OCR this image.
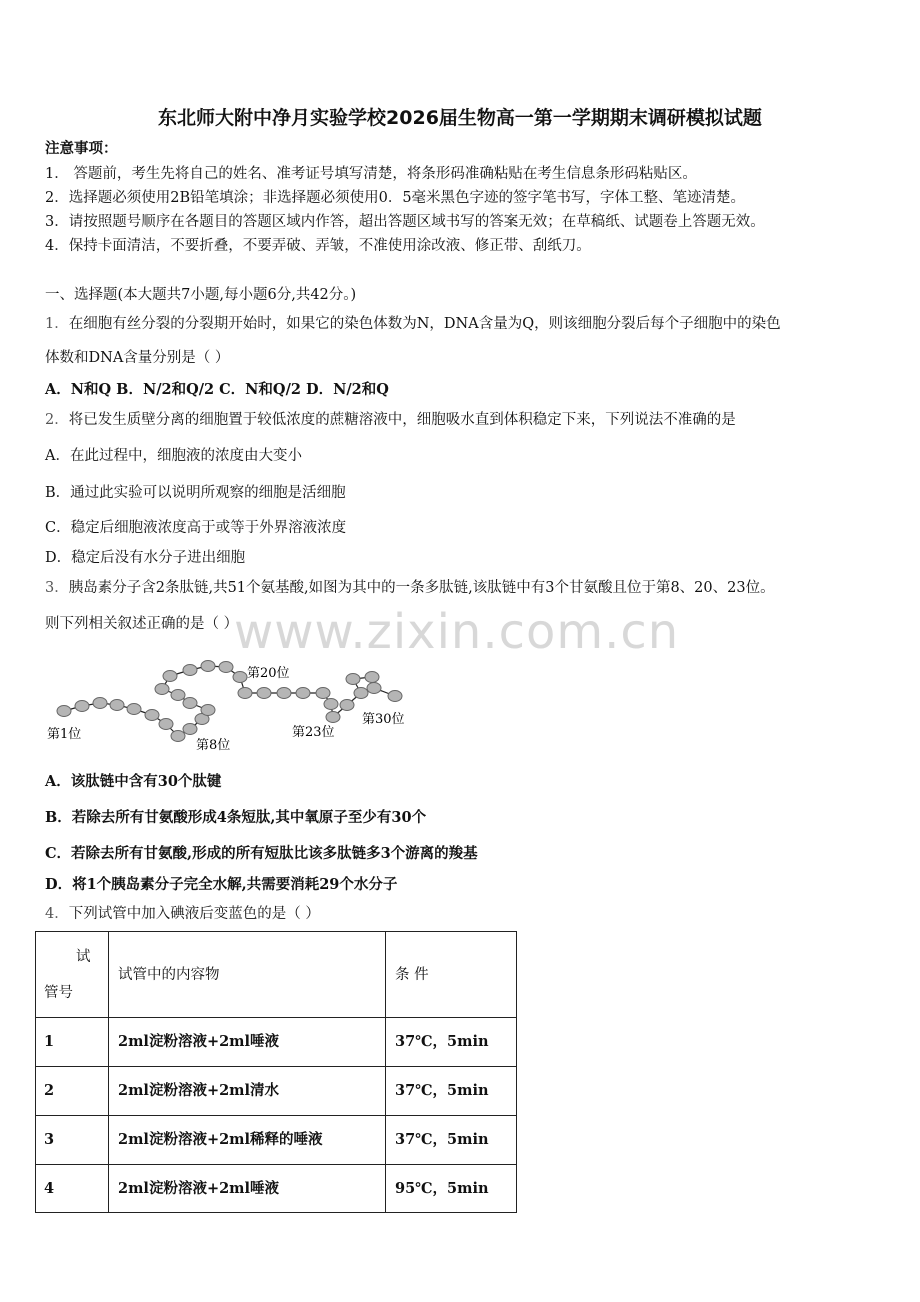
东北师大附中净月实验学校2026届生物高一第一学期期末调研模拟试题
注意事项：
1． 答题前，考生先将自己的姓名、准考证号填写清楚，将条形码准确粘贴在考生信息条形码粘贴区。
2．选择题必须使用2B铅笔填涂；非选择题必须使用0．5毫米黑色字迹的签字笔书写，字体工整、笔迹清楚。
3．请按照题号顺序在各题目的答题区域内作答，超出答题区域书写的答案无效；在草稿纸、试题卷上答题无效。
4．保持卡面清洁，不要折叠，不要弄破、弄皱，不准使用涂改液、修正带、刮纸刀。
一、选择题(本大题共7小题,每小题6分,共42分。)
1．在细胞有丝分裂的分裂期开始时，如果它的染色体数为N，DNA含量为Q，则该细胞分裂后每个子细胞中的染色
体数和DNA含量分别是（ ）
A．N和Q B．N/2和Q/2 C．N和Q/2 D．N/2和Q
2．将已发生质壁分离的细胞置于较低浓度的蔗糖溶液中，细胞吸水直到体积稳定下来，下列说法不准确的是
A．在此过程中，细胞液的浓度由大变小
B．通过此实验可以说明所观察的细胞是活细胞
C．稳定后细胞液浓度高于或等于外界溶液浓度
D．稳定后没有水分子进出细胞
3．胰岛素分子含2条肽链,共51个氨基酸,如图为其中的一条多肽链,该肽链中有3个甘氨酸且位于第8、20、23位。
则下列相关叙述正确的是（ ）
www.zixin.com.cn
第1位
第8位
第20位
第23位
第30位
A．该肽链中含有30个肽键
B．若除去所有甘氨酸形成4条短肽,其中氧原子至少有30个
C．若除去所有甘氨酸,形成的所有短肽比该多肽链多3个游离的羧基
D．将1个胰岛素分子完全水解,共需要消耗29个水分子
4．下列试管中加入碘液后变蓝色的是（ ）
试
管号
试管中的内容物	条 件
1	2ml淀粉溶液+2ml唾液	37℃，5min
2	2ml淀粉溶液+2ml清水	37℃，5min
3	2ml淀粉溶液+2ml稀释的唾液	37℃，5min
4	2ml淀粉溶液+2ml唾液	95℃，5min
